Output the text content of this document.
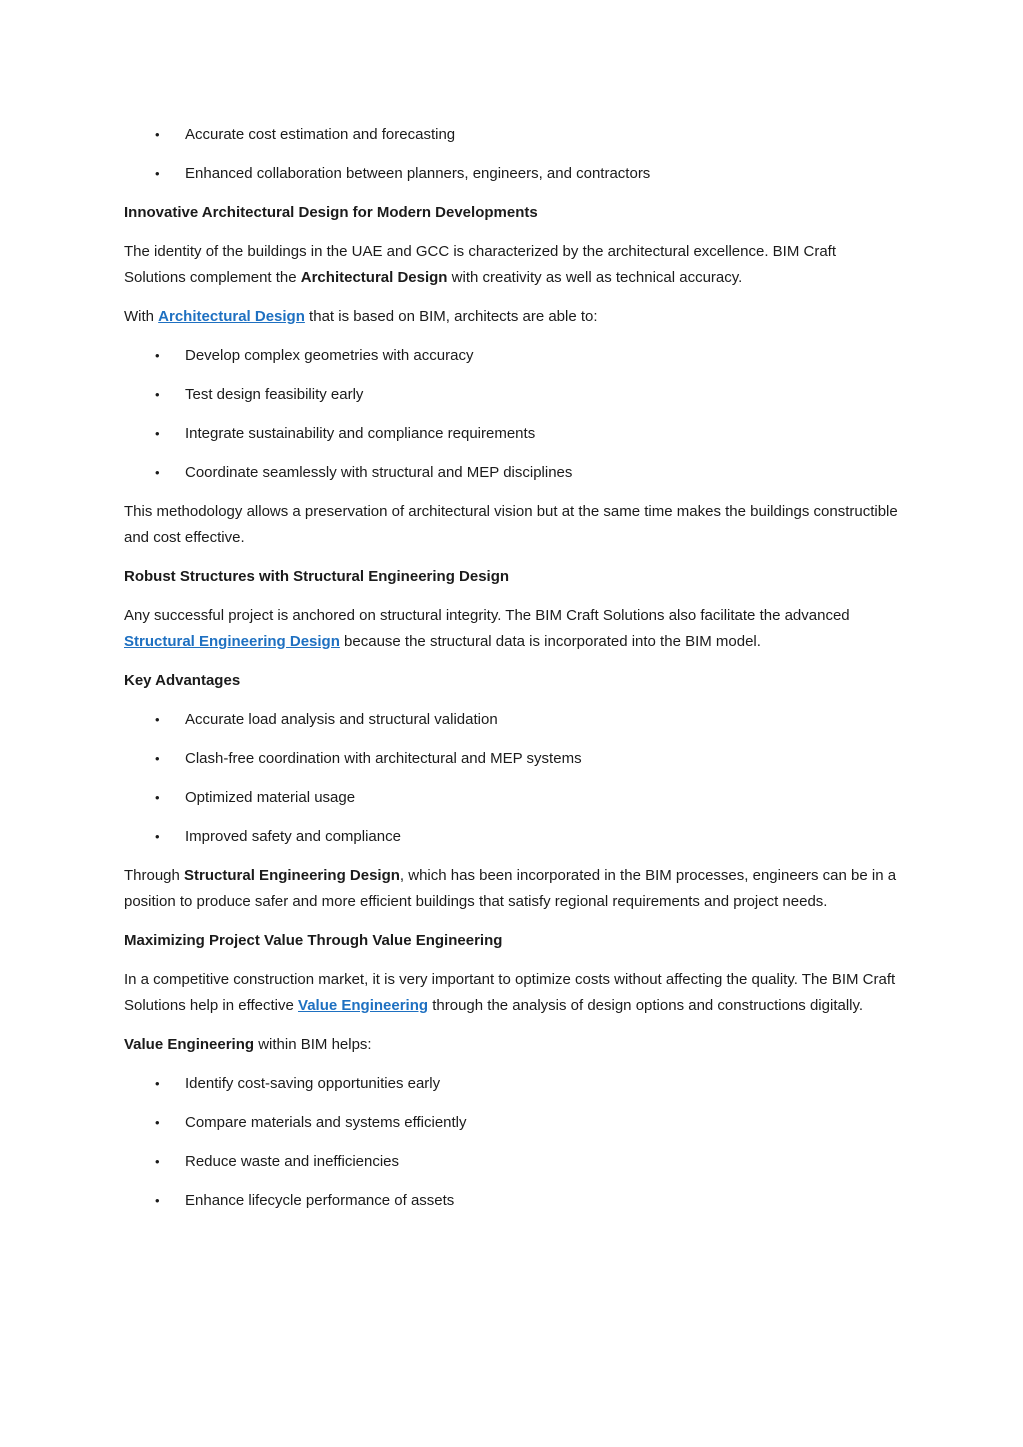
•	Accurate cost estimation and forecasting
•	Enhanced collaboration between planners, engineers, and contractors
Innovative Architectural Design for Modern Developments

The identity of the buildings in the UAE and GCC is characterized by the architectural excellence. BIM Craft Solutions complement the Architectural Design with creativity as well as technical accuracy.

With Architectural Design that is based on BIM, architects are able to:

•	Develop complex geometries with accuracy
•	Test design feasibility early
•	Integrate sustainability and compliance requirements
•	Coordinate seamlessly with structural and MEP disciplines

This methodology allows a preservation of architectural vision but at the same time makes the buildings constructible and cost effective.

Robust Structures with Structural Engineering Design

Any successful project is anchored on structural integrity. The BIM Craft Solutions also facilitate the advanced Structural Engineering Design because the structural data is incorporated into the BIM model.

Key Advantages
•	Accurate load analysis and structural validation
•	Clash-free coordination with architectural and MEP systems
•	Optimized material usage
•	Improved safety and compliance

Through Structural Engineering Design, which has been incorporated in the BIM processes, engineers can be in a position to produce safer and more efficient buildings that satisfy regional requirements and project needs.

Maximizing Project Value Through Value Engineering

In a competitive construction market, it is very important to optimize costs without affecting the quality. The BIM Craft Solutions help in effective Value Engineering through the analysis of design options and constructions digitally.

Value Engineering within BIM helps:

•	Identify cost-saving opportunities early
•	Compare materials and systems efficiently
•	Reduce waste and inefficiencies
•	Enhance lifecycle performance of assets
